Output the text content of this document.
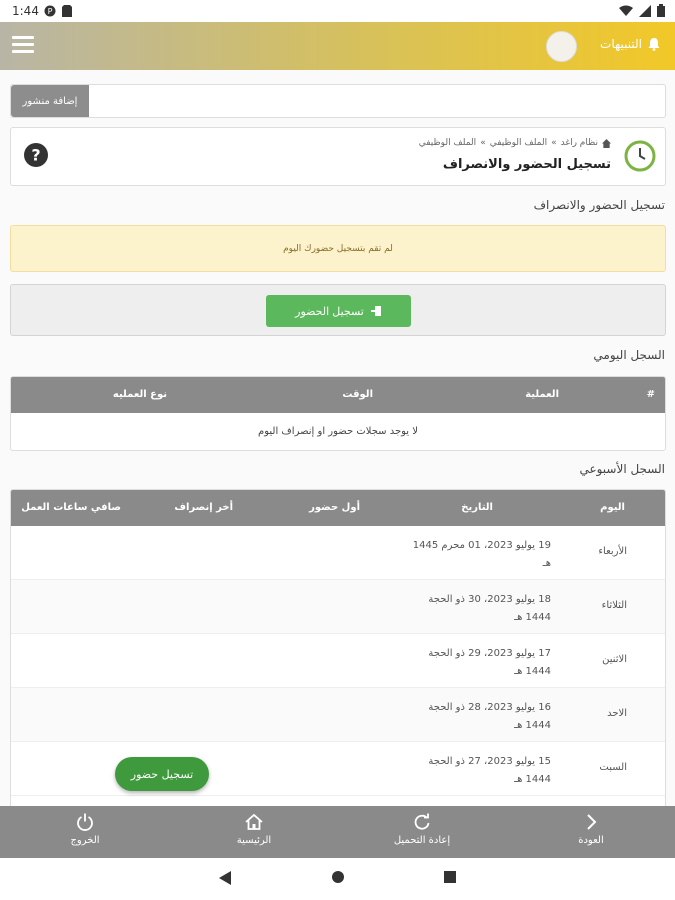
1:44 P

التنبيهات
إضافة منشور
نظام راغد
»
الملف الوظيفي
»
الملف الوظيفي
تسجيل الحضور والانصراف
?
تسجيل الحضور والانصراف
لم تقم بتسجيل حضورك اليوم
تسجيل الحضور
السجل اليومي
#
العملية
الوقت
نوع العمليه
لا يوجد سجلات حضور او إنصراف اليوم
السجل الأسبوعي
اليوم
التاريخ
أول حضور
أخر إنصراف
صافي ساعات العمل
الأربعاء
19 يوليو 2023، 01 محرم 1445 هـ
الثلاثاء
18 يوليو 2023، 30 ذو الحجة 1444 هـ
الاثنين
17 يوليو 2023، 29 ذو الحجة 1444 هـ
الاحد
16 يوليو 2023، 28 ذو الحجة 1444 هـ
السبت
15 يوليو 2023، 27 ذو الحجة 1444 هـ
تسجيل حضور
العودة
إعادة التحميل
الرئيسية
الخروج
